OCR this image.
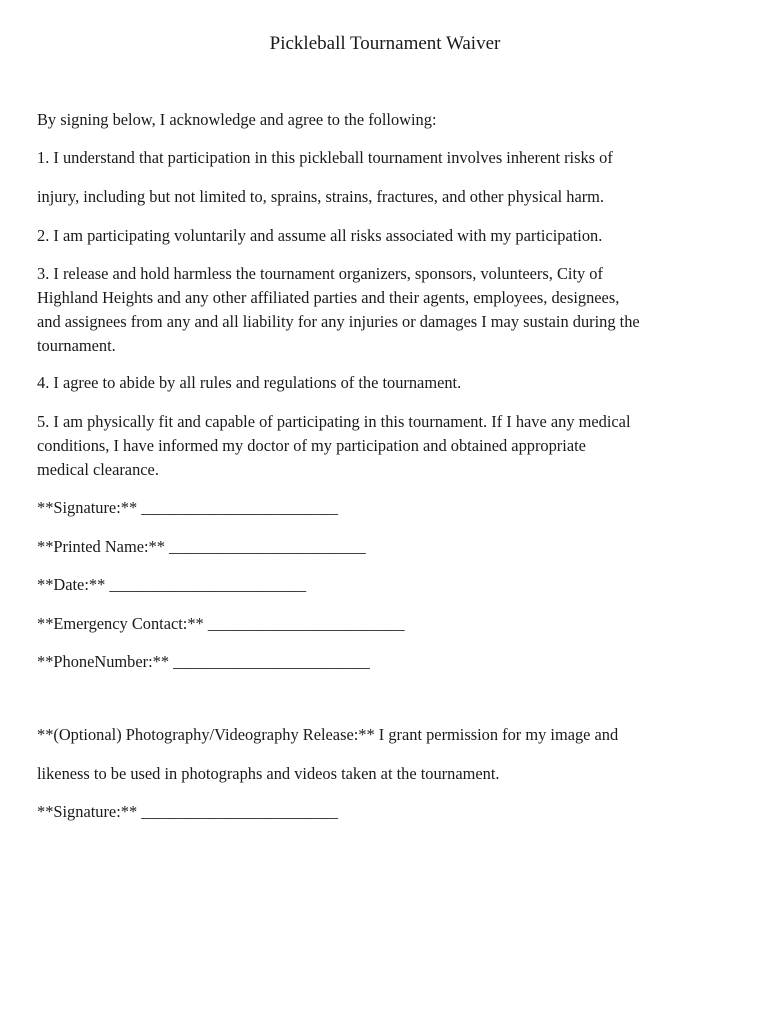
Pickleball Tournament Waiver

By signing below, I acknowledge and agree to the following:

1. I understand that participation in this pickleball tournament involves inherent risks of

injury, including but not limited to, sprains, strains, fractures, and other physical harm.

2. I am participating voluntarily and assume all risks associated with my participation.

3. I release and hold harmless the tournament organizers, sponsors, volunteers, City of
Highland Heights and any other affiliated parties and their agents, employees, designees,
and assignees from any and all liability for any injuries or damages I may sustain during the
tournament.

4. I agree to abide by all rules and regulations of the tournament.

5. I am physically fit and capable of participating in this tournament. If I have any medical
conditions, I have informed my doctor of my participation and obtained appropriate
medical clearance.

**Signature:** ________________________

**Printed Name:** ________________________

**Date:** ________________________

**Emergency Contact:** ________________________

**PhoneNumber:** ________________________

**(Optional) Photography/Videography Release:** I grant permission for my image and

likeness to be used in photographs and videos taken at the tournament.

**Signature:** ________________________
